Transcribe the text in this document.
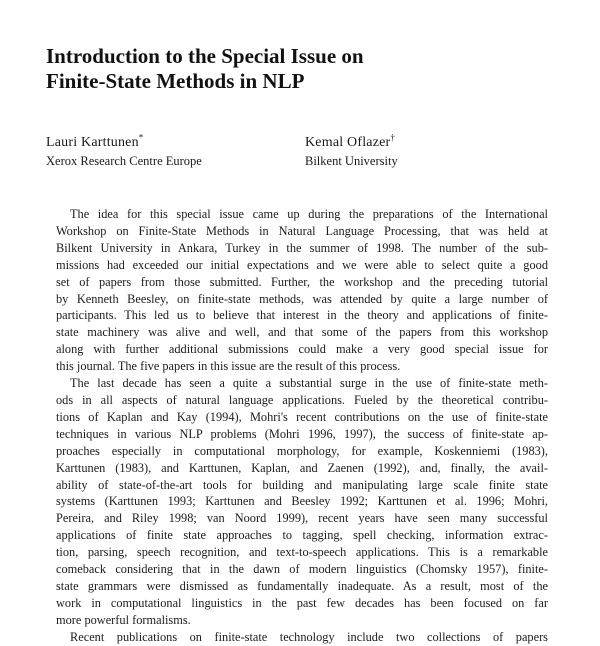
Introduction to the Special Issue on
Finite-State Methods in NLP
Lauri Karttunen*
Xerox Research Centre Europe
Kemal Oflazer†
Bilkent University
The idea for this special issue came up during the preparations of the International
Workshop on Finite-State Methods in Natural Language Processing, that was held at
Bilkent University in Ankara, Turkey in the summer of 1998. The number of the sub-
missions had exceeded our initial expectations and we were able to select quite a good
set of papers from those submitted. Further, the workshop and the preceding tutorial
by Kenneth Beesley, on finite-state methods, was attended by quite a large number of
participants. This led us to believe that interest in the theory and applications of finite-
state machinery was alive and well, and that some of the papers from this workshop
along with further additional submissions could make a very good special issue for
this journal. The five papers in this issue are the result of this process.
The last decade has seen a quite a substantial surge in the use of finite-state meth-
ods in all aspects of natural language applications. Fueled by the theoretical contribu-
tions of Kaplan and Kay (1994), Mohri's recent contributions on the use of finite-state
techniques in various NLP problems (Mohri 1996, 1997), the success of finite-state ap-
proaches especially in computational morphology, for example, Koskenniemi (1983),
Karttunen (1983), and Karttunen, Kaplan, and Zaenen (1992), and, finally, the avail-
ability of state-of-the-art tools for building and manipulating large scale finite state
systems (Karttunen 1993; Karttunen and Beesley 1992; Karttunen et al. 1996; Mohri,
Pereira, and Riley 1998; van Noord 1999), recent years have seen many successful
applications of finite state approaches to tagging, spell checking, information extrac-
tion, parsing, speech recognition, and text-to-speech applications. This is a remarkable
comeback considering that in the dawn of modern linguistics (Chomsky 1957), finite-
state grammars were dismissed as fundamentally inadequate. As a result, most of the
work in computational linguistics in the past few decades has been focused on far
more powerful formalisms.
Recent publications on finite-state technology include two collections of papers
